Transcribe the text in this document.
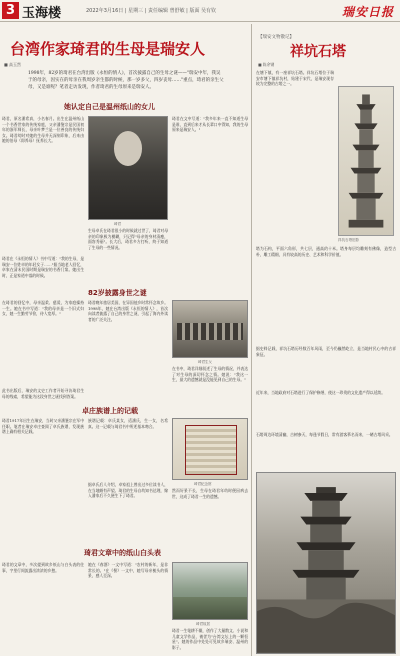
3 玉海楼	2022年3月16日 | 星期三 | 责任编辑 曾舒敏 | 版面 吴有钦	瑞安日报
台湾作家琦君的生母是瑞安人
■ 高玉然
1998年，82岁的琦君在台湾出版《永恒的情人》，首次披露自己的生母之谜——"瑞安中年，我吴于的母亲，因实在的母亲在我周岁亲生都的时候，那一岁多父，四岁丧母……"重点，琦君的亲生父母，又是谁呢？笔者走访发现，作者琦君的生母原来是瑞安人。
她认定自己是温州纸山的女儿
琦君，原名潘希真，小名春月。出生在温州纸山一个书香世家的传统家庭，父亲潘鉴宗是民国初年的浙军师长，母亲叶梦兰是一位善良的传统妇女。琦君幼时对她的生母并无深刻印象，后来由她的伯母（即养母）抚养长大。
琦君在《永恒的情人》书中写道："我的生母，是瑞安一位姓卓的年轻女子……"据当地老人回忆，卓家在清末民国时期是瑞安的书香门第。她出生时，正是家道中落的时候。
琦君
生母卓氏在琦君很小的时候就过世了，琦君对母亲的印象极为模糊，只记得"母亲的身材清瘦，面容秀丽"。长大后，琦君多方打听，终于知道了生母的一些情况。
琦君在文中写道："我多年来一直不知道生母是谁，直到后来才从长辈口中得知，我的生母原来是瑞安人。"
82岁披露身世之谜
在琦君的回忆中，母亲温柔、慈爱，为家庭操持一生。她在书中写道："我的母亲是一个旧式妇女，她一生勤劳节俭，待人宽厚。"
琦君晚年旅居美国，在异国他乡时常怀念故乡。1998年，她在台湾出版《永恒的情人》，首次向读者披露了自己的身世之谜，引起了海内外读者的广泛关注。
琦君生父
在书中，琦君详细叙述了生母的情况，并表达了对生母的深切怀念之情。她说："我这一生，最大的遗憾就是没能见到自己的生母。"
此书出版后，瑞安的文史工作者开始寻访琦君生母的线索，希望能为这段身世之谜找到答案。
卓庄族谱上的记载
琦君1917年出生在瑞安，当时父亲潘鉴宗在军中任职。笔者在瑞安卓庄查阅了卓氏族谱，发现族谱上确有相关记载。
族谱记载：卓氏某女，适潘氏，生一女，名希真。这一记载与琦君书中所述基本吻合。
琦君纪念馆
据卓氏后人介绍，卓家祖上曾出过多位读书人，在当地颇有声望。琦君的生母自幼知书达理，嫁入潘家后不久便生下了琦君。
然而好景不长，生母在琦君年幼时便因病去世，这成了琦君一生的遗憾。
琦君文章中的纸山白头表
琦君的文章中，多次提到故乡纸山与白头表的往事，字里行间流露出浓浓的乡愁。
她在《春酒》一文中写道："农村的新年，是非常长的。"在《髻》一文中，她写母亲梳头的情景，感人至深。
琦君故居
琦君一生笔耕不辍，创作了大量散文、小说和儿童文学作品，被誉为"台湾文坛上的一颗恒星"。她的作品中处处可见故乡瑞安、温州的影子。
【瑞安文物散记】
祥坑石塔
■ 陈余钢
在塘下镇，有一座祥坑石塔。祥坑石塔位于瑞安市塘下镇祥坑村，始建于宋代，是瑞安现存较为完整的古塔之一。
祥坑石塔旧影
塔为石构，平面六角形，共七层，通高约十米。塔身每层均雕刻有佛像，造型古朴，雕工精细，具有较高的历史、艺术和科学价值。
据史料记载，祥坑石塔历经数百年风雨，至今仍巍然屹立，是当地村民心中的吉祥象征。
近年来，当地政府对石塔进行了保护修缮，使这一珍贵的文化遗产得以延续。
石塔周边环境清幽，古树参天，每逢节假日，常有游客慕名而来，一睹古塔风采。
